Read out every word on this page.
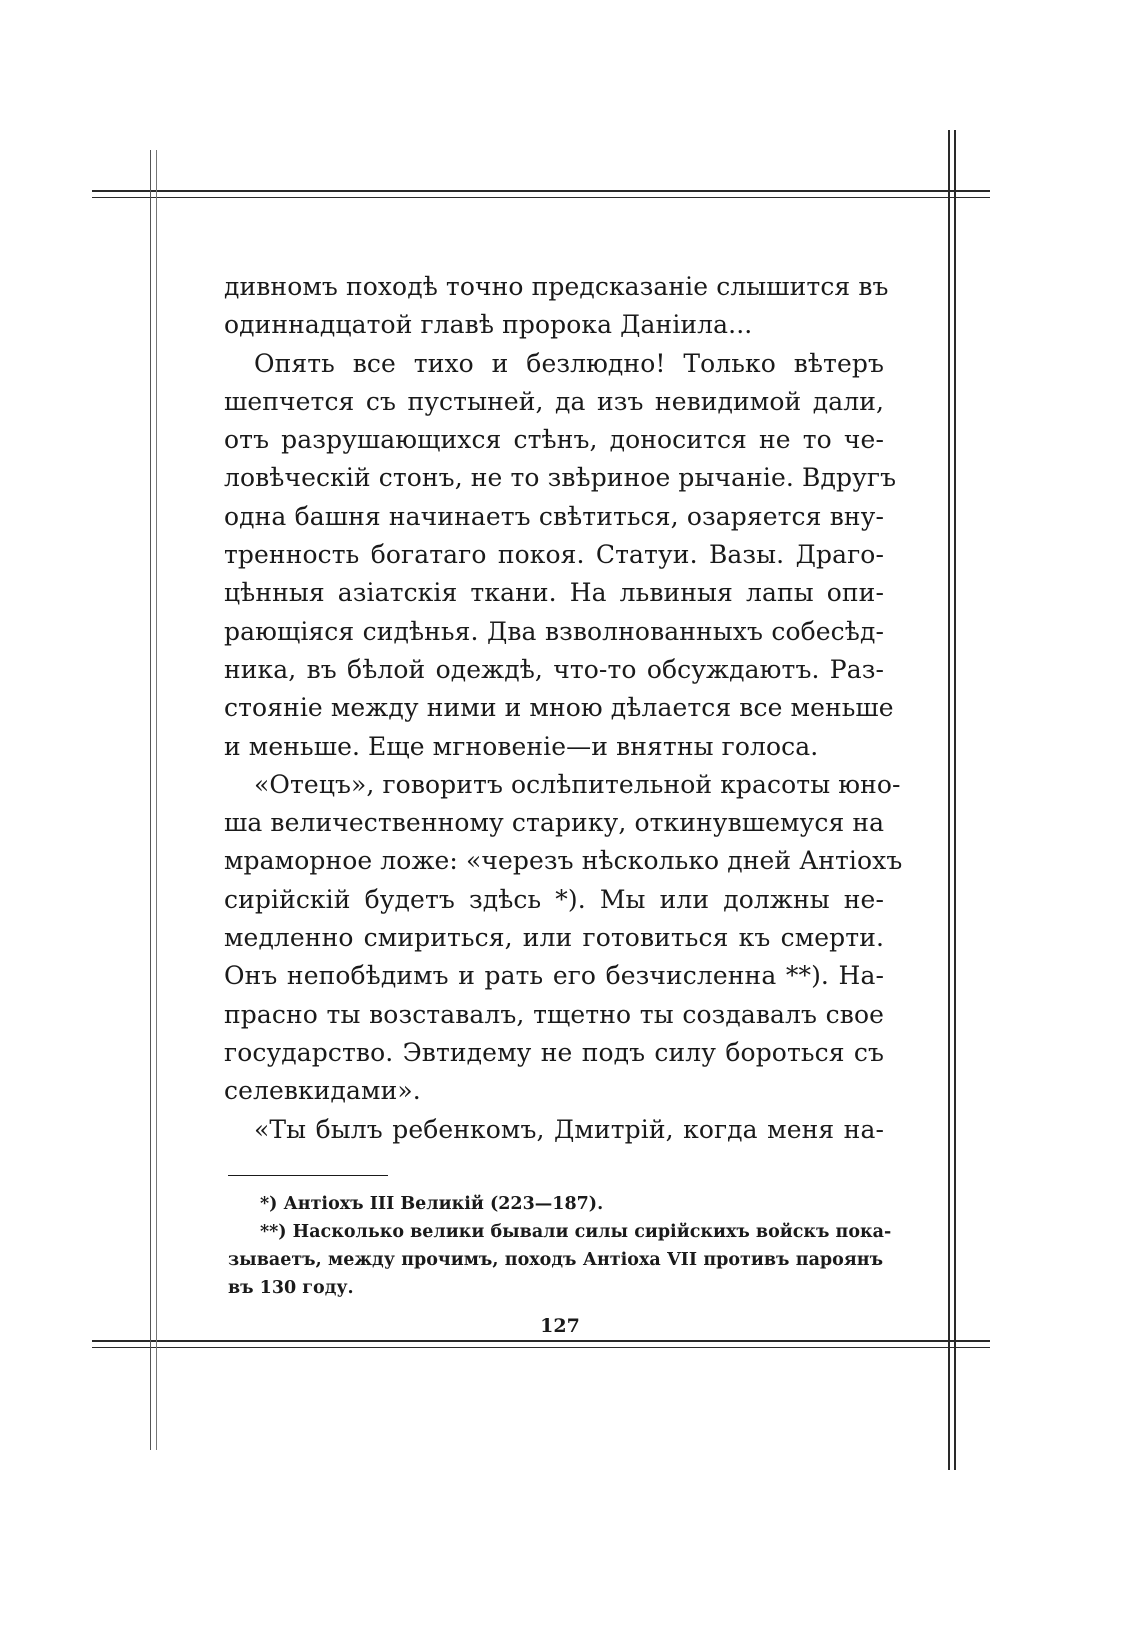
дивномъ походѣ точно предсказаніе слышится въ
одиннадцатой главѣ пророка Даніила...
Опять все тихо и безлюдно! Только вѣтеръ
шепчется съ пустыней, да изъ невидимой дали,
отъ разрушающихся стѣнъ, доносится не то че-
ловѣческій стонъ, не то звѣриное рычаніе. Вдругъ
одна башня начинаетъ свѣтиться, озаряется вну-
тренность богатаго покоя. Статуи. Вазы. Драго-
цѣнныя азіатскія ткани. На львиныя лапы опи-
рающіяся сидѣнья. Два взволнованныхъ собесѣд-
ника, въ бѣлой одеждѣ, что-то обсуждаютъ. Раз-
стояніе между ними и мною дѣлается все меньше
и меньше. Еще мгновеніе—и внятны голоса.
«Отецъ», говоритъ ослѣпительной красоты юно-
ша величественному старику, откинувшемуся на
мраморное ложе: «черезъ нѣсколько дней Антіохъ
сирійскій будетъ здѣсь *). Мы или должны не-
медленно смириться, или готовиться къ смерти.
Онъ непобѣдимъ и рать его безчисленна **). На-
прасно ты возставалъ, тщетно ты создавалъ свое
государство. Эвтидему не подъ силу бороться съ
селевкидами».
«Ты былъ ребенкомъ, Дмитрій, когда меня на-
*) Антіохъ III Великій (223—187).
**) Насколько велики бывали силы сирійскихъ войскъ пока-
зываетъ, между прочимъ, походъ Антіоха VII противъ пароянъ
въ 130 году.
127
